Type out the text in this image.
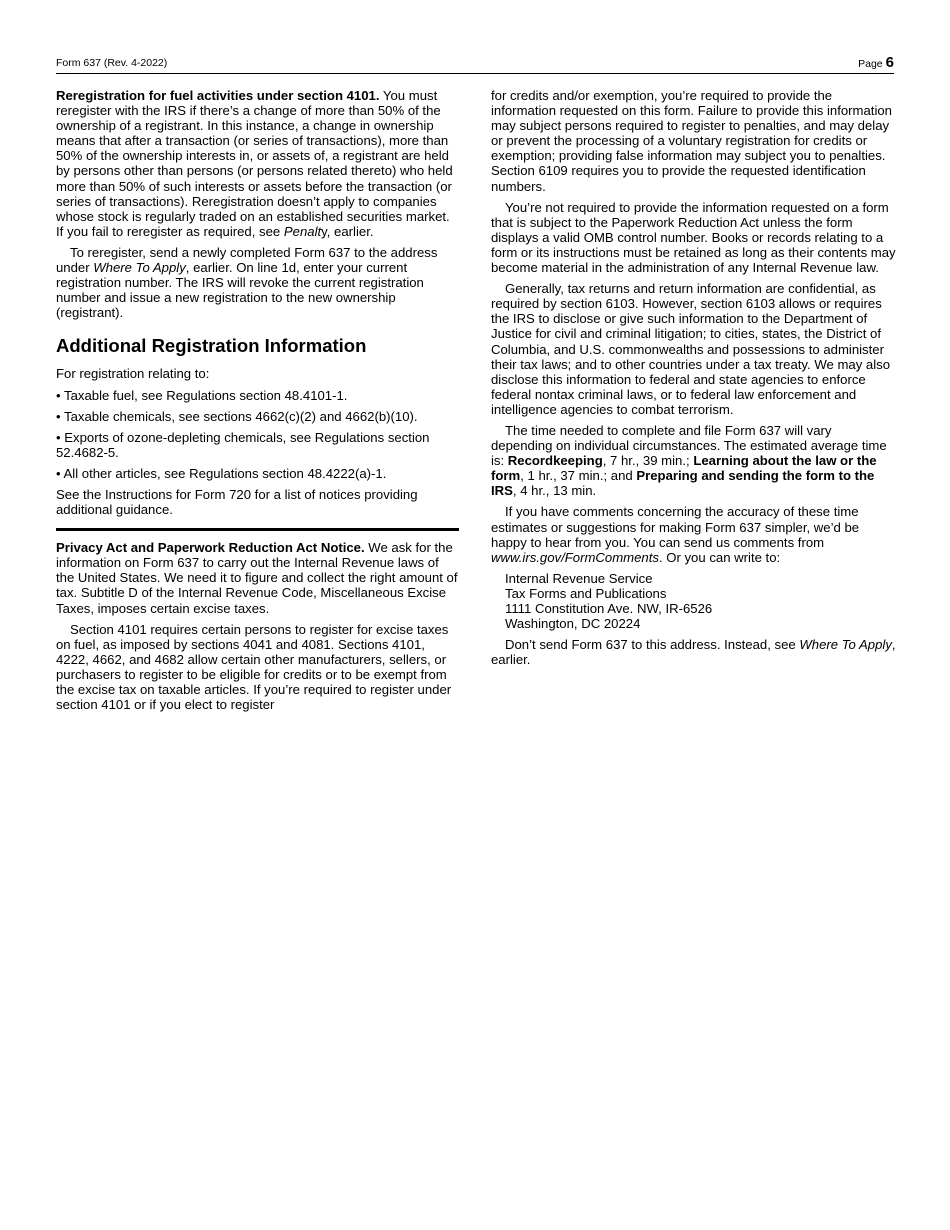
Form 637 (Rev. 4-2022)	Page 6

Reregistration for fuel activities under section 4101. You must reregister with the IRS if there’s a change of more than 50% of the ownership of a registrant. In this instance, a change in ownership means that after a transaction (or series of transactions), more than 50% of the ownership interests in, or assets of, a registrant are held by persons other than persons (or persons related thereto) who held more than 50% of such interests or assets before the transaction (or series of transactions). Reregistration doesn’t apply to companies whose stock is regularly traded on an established securities market. If you fail to reregister as required, see Penalty, earlier.

To reregister, send a newly completed Form 637 to the address under Where To Apply, earlier. On line 1d, enter your current registration number. The IRS will revoke the current registration number and issue a new registration to the new ownership (registrant).

Additional Registration Information

For registration relating to:

• Taxable fuel, see Regulations section 48.4101-1.

• Taxable chemicals, see sections 4662(c)(2) and 4662(b)(10).

• Exports of ozone-depleting chemicals, see Regulations section 52.4682-5.

• All other articles, see Regulations section 48.4222(a)-1.

See the Instructions for Form 720 for a list of notices providing additional guidance.

Privacy Act and Paperwork Reduction Act Notice. We ask for the information on Form 637 to carry out the Internal Revenue laws of the United States. We need it to figure and collect the right amount of tax. Subtitle D of the Internal Revenue Code, Miscellaneous Excise Taxes, imposes certain excise taxes.

Section 4101 requires certain persons to register for excise taxes on fuel, as imposed by sections 4041 and 4081. Sections 4101, 4222, 4662, and 4682 allow certain other manufacturers, sellers, or purchasers to register to be eligible for credits or to be exempt from the excise tax on taxable articles. If you’re required to register under section 4101 or if you elect to register

for credits and/or exemption, you’re required to provide the information requested on this form. Failure to provide this information may subject persons required to register to penalties, and may delay or prevent the processing of a voluntary registration for credits or exemption; providing false information may subject you to penalties. Section 6109 requires you to provide the requested identification numbers.

You’re not required to provide the information requested on a form that is subject to the Paperwork Reduction Act unless the form displays a valid OMB control number. Books or records relating to a form or its instructions must be retained as long as their contents may become material in the administration of any Internal Revenue law.

Generally, tax returns and return information are confidential, as required by section 6103. However, section 6103 allows or requires the IRS to disclose or give such information to the Department of Justice for civil and criminal litigation; to cities, states, the District of Columbia, and U.S. commonwealths and possessions to administer their tax laws; and to other countries under a tax treaty. We may also disclose this information to federal and state agencies to enforce federal nontax criminal laws, or to federal law enforcement and intelligence agencies to combat terrorism.

The time needed to complete and file Form 637 will vary depending on individual circumstances. The estimated average time is: Recordkeeping, 7 hr., 39 min.; Learning about the law or the form, 1 hr., 37 min.; and Preparing and sending the form to the IRS, 4 hr., 13 min.

If you have comments concerning the accuracy of these time estimates or suggestions for making Form 637 simpler, we’d be happy to hear from you. You can send us comments from www.irs.gov/FormComments. Or you can write to:

Internal Revenue Service
Tax Forms and Publications
1111 Constitution Ave. NW, IR-6526
Washington, DC 20224

Don’t send Form 637 to this address. Instead, see Where To Apply, earlier.
